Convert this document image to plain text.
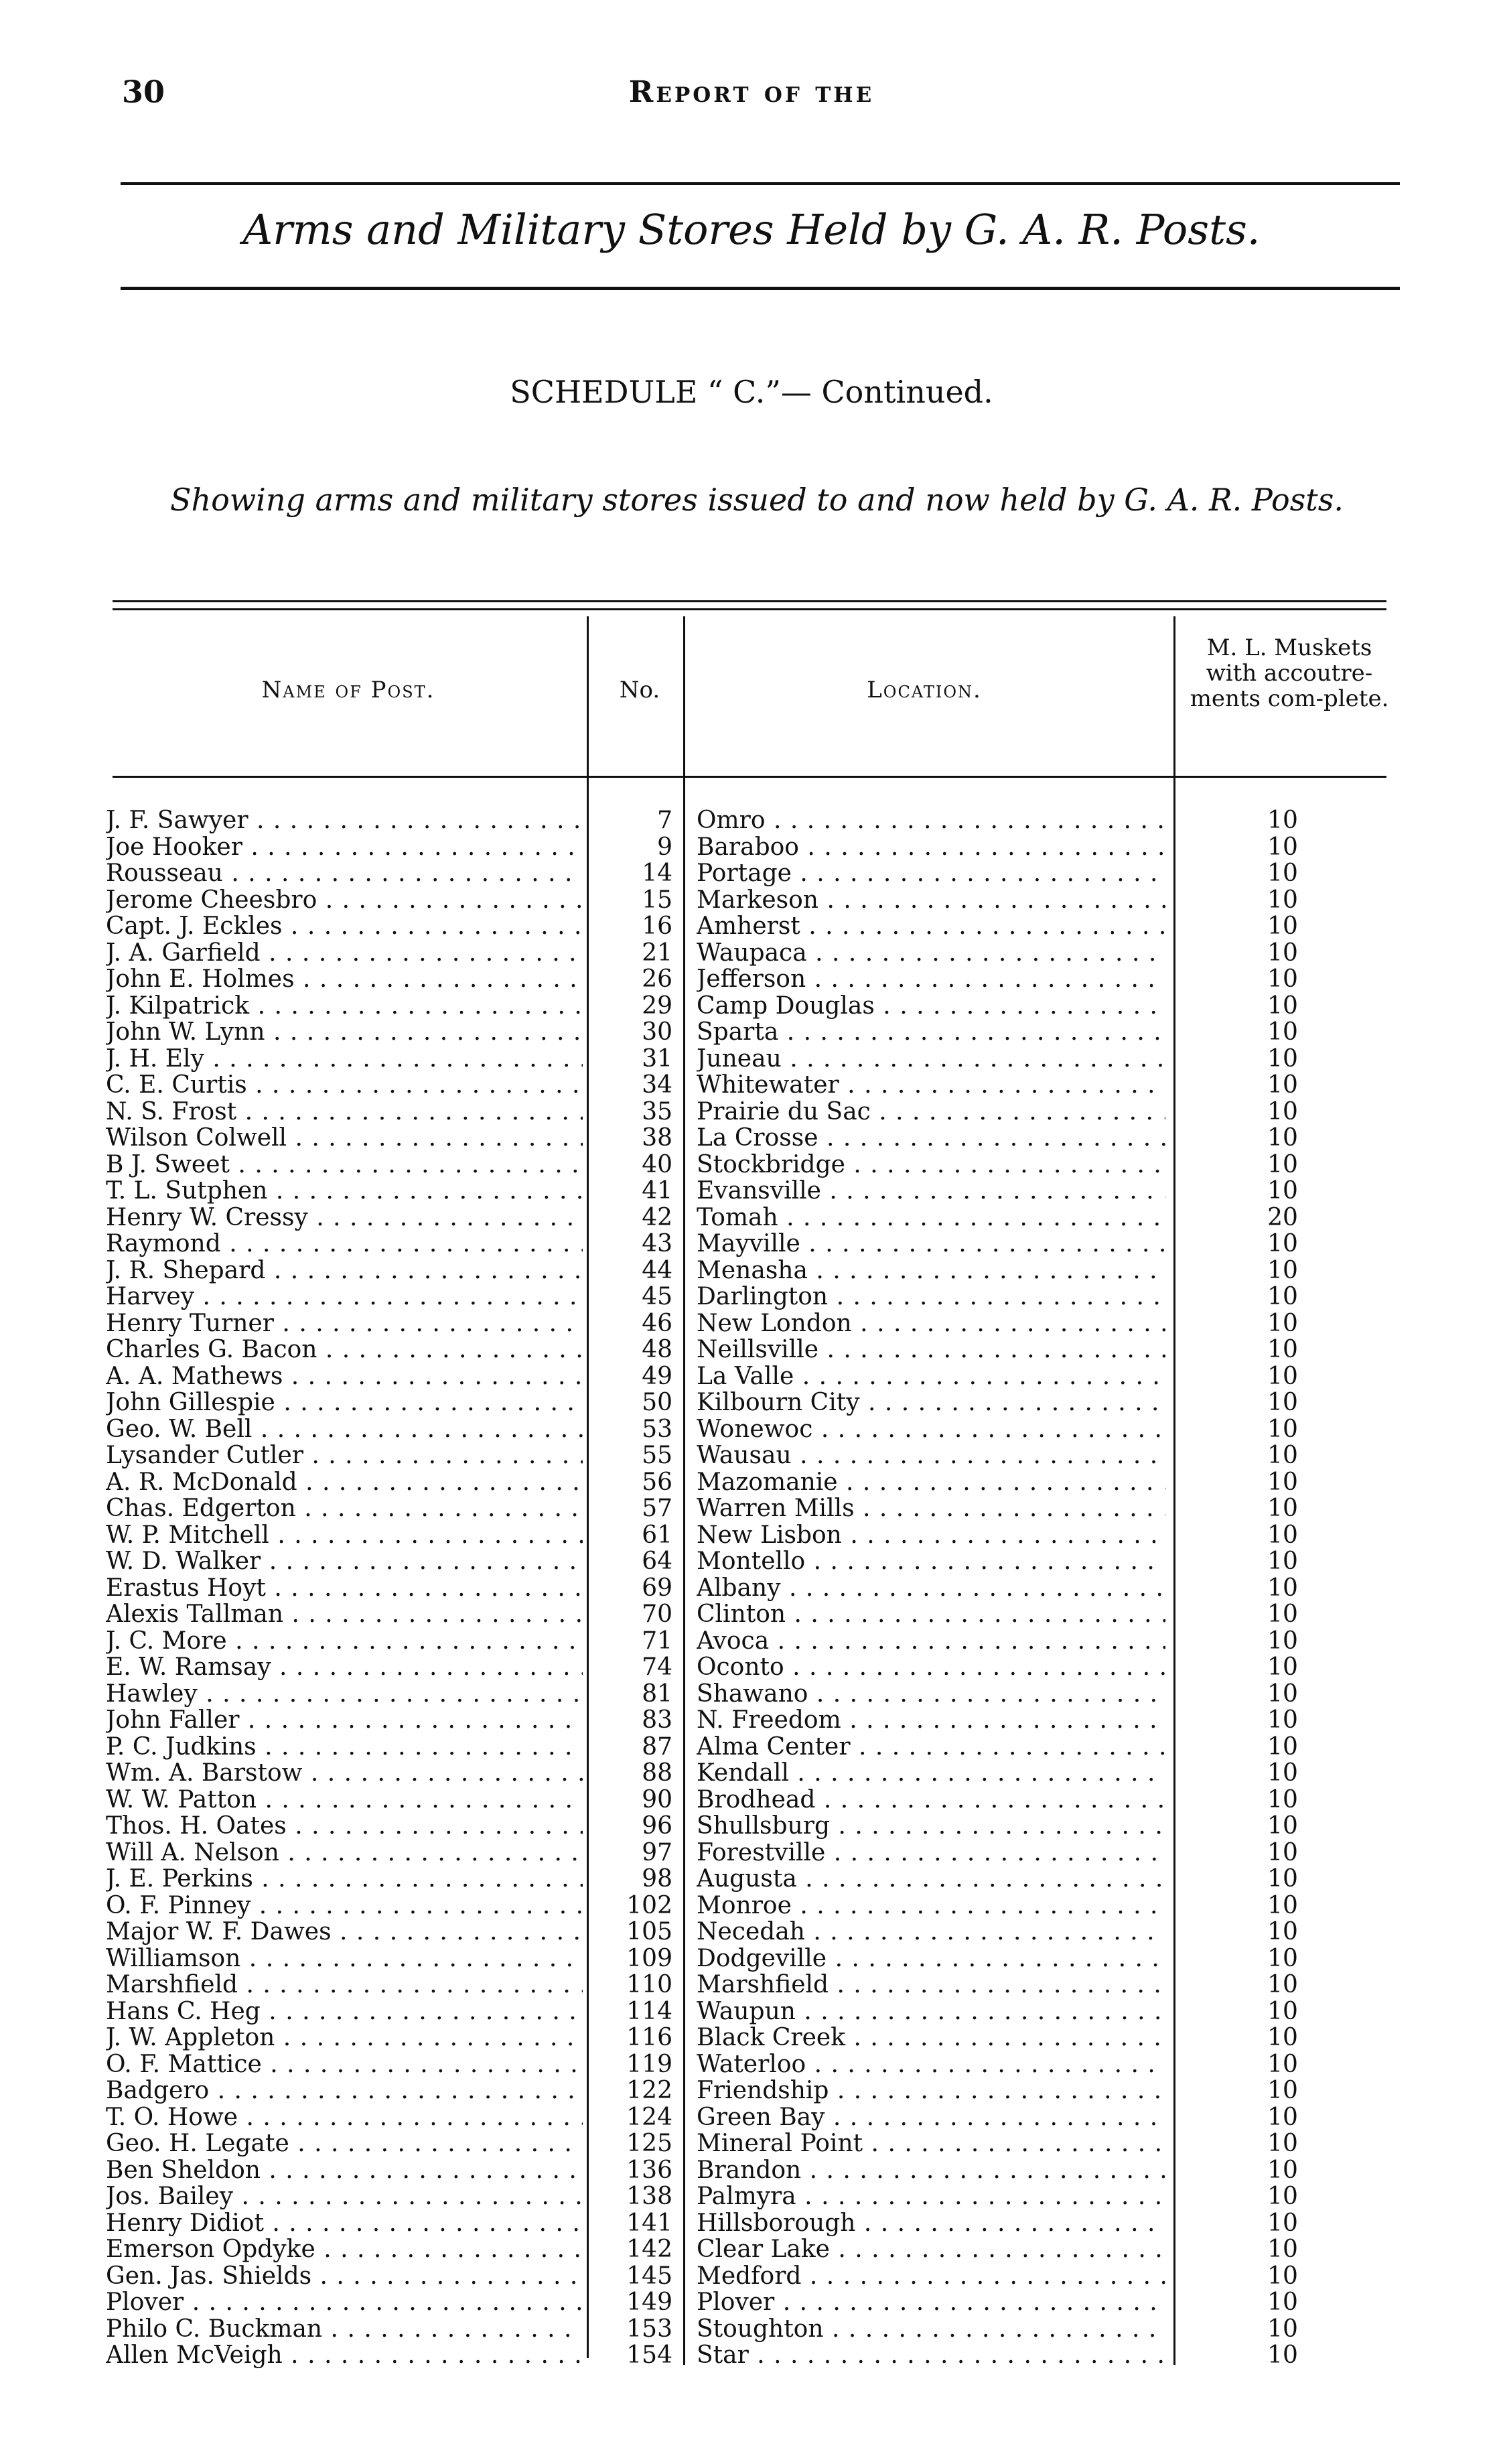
30	Report of the
Arms and Military Stores Held by G. A. R. Posts.
SCHEDULE “ C.”— Continued.
Showing arms and military stores issued to and now held by G. A. R. Posts.
Name of Post.	No.	Location.
M. L. Muskets with accoutre-ments com-plete.
J. F. Sawyer . . .	7 Omro . . .	10
Joe Hooker . . .	9 Baraboo . . .	10
Rousseau . . .	14 Portage . . .	10
Jerome Cheesbro . . .	15 Markeson . . .	10
Capt. J. Eckles . . .	16 Amherst . . .	10
J. A. Garfield . . .	21 Waupaca . . .	10
John E. Holmes . . .	26 Jefferson . . .	10
J. Kilpatrick . . .	29 Camp Douglas . . .	10
John W. Lynn . . .	30 Sparta . . .	10
J. H. Ely . . .	31 Juneau . . .	10
C. E. Curtis . . .	34 Whitewater . . .	10
N. S. Frost . . .	35 Prairie du Sac . . .	10
Wilson Colwell . . .	38 La Crosse . . .	10
B J. Sweet . . .	40 Stockbridge . . .	10
T. L. Sutphen . . .	41 Evansville . . .	10
Henry W. Cressy . . .	42 Tomah . . .	20
Raymond . . .	43 Mayville . . .	10
J. R. Shepard . . .	44 Menasha . . .	10
Harvey . . .	45 Darlington . . .	10
Henry Turner . . .	46 New London . . .	10
Charles G. Bacon . . .	48 Neillsville . . .	10
A. A. Mathews . . .	49 La Valle . . .	10
John Gillespie . . .	50 Kilbourn City . . .	10
Geo. W. Bell . . .	53 Wonewoc . . .	10
Lysander Cutler . . .	55 Wausau . . .	10
A. R. McDonald . . .	56 Mazomanie . . .	10
Chas. Edgerton . . .	57 Warren Mills . . .	10
W. P. Mitchell . . .	61 New Lisbon . . .	10
W. D. Walker . . .	64 Montello . . .	10
Erastus Hoyt . . .	69 Albany . . .	10
Alexis Tallman . . .	70 Clinton . . .	10
J. C. More . . .	71 Avoca . . .	10
E. W. Ramsay . . .	74 Oconto . . .	10
Hawley . . .	81 Shawano . . .	10
John Faller . . .	83 N. Freedom . . .	10
P. C. Judkins . . .	87 Alma Center . . .	10
Wm. A. Barstow . . .	88 Kendall . . .	10
W. W. Patton . . .	90 Brodhead . . .	10
Thos. H. Oates . . .	96 Shullsburg . . .	10
Will A. Nelson . . .	97 Forestville . . .	10
J. E. Perkins . . .	98 Augusta . . .	10
O. F. Pinney . . .	102 Monroe . . .	10
Major W. F. Dawes . . .	105 Necedah . . .	10
Williamson . . .	109 Dodgeville . . .	10
Marshfield . . .	110 Marshfield . . .	10
Hans C. Heg . . .	114 Waupun . . .	10
J. W. Appleton . . .	116 Black Creek . . .	10
O. F. Mattice . . .	119 Waterloo . . .	10
Badgero . . .	122 Friendship . . .	10
T. O. Howe . . .	124 Green Bay . . .	10
Geo. H. Legate . . .	125 Mineral Point . . .	10
Ben Sheldon . . .	136 Brandon . . .	10
Jos. Bailey . . .	138 Palmyra . . .	10
Henry Didiot . . .	141 Hillsborough . . .	10
Emerson Opdyke . . .	142 Clear Lake . . .	10
Gen. Jas. Shields . . .	145 Medford . . .	10
Plover . . .	149 Plover . . .	10
Philo C. Buckman . . .	153 Stoughton . . .	10
Allen McVeigh . . .	154 Star . . .	10
